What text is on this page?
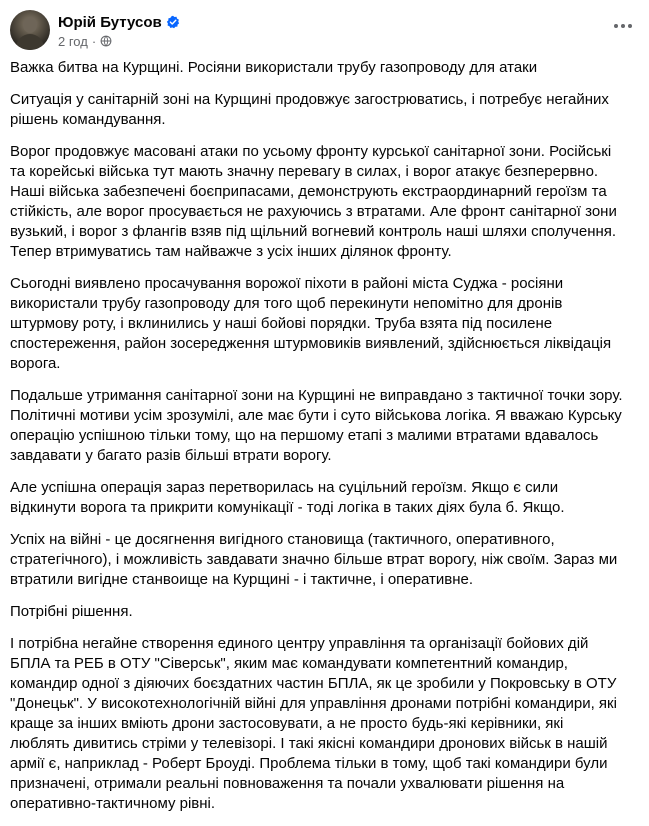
Юрій Бутусов
2 год ·

Важка битва на Курщині. Росіяни використали трубу газопроводу для атаки

Ситуація у санітарній зоні на Курщині продовжує загострюватись, і потребує негайних рішень командування.

Ворог продовжує масовані атаки по усьому фронту курської санітарної зони. Російські та корейські війська тут мають значну перевагу в силах, і ворог атакує безперервно. Наші війська забезпечені боєприпасами, демонструють екстраординарний героїзм та стійкість, але ворог просувається не рахуючись з втратами. Але фронт санітарної зони вузький, і ворог з флангів взяв під щільний вогневий контроль наші шляхи сполучення. Тепер втримуватись там найважче з усіх інших ділянок фронту.

Сьогодні виявлено просачування ворожої піхоти в районі міста Суджа - росіяни використали трубу газопроводу для того щоб перекинути непомітно для дронів штурмову роту, і вклинились у наші бойові порядки. Труба взята під посилене спостереження, район зосередження штурмовиків виявлений, здійснюється ліквідація ворога.

Подальше утримання санітарної зони на Курщині не виправдано з тактичної точки зору. Політичні мотиви усім зрозумілі, але має бути і суто військова логіка. Я вважаю Курську операцію успішною тільки тому, що на першому етапі з малими втратами вдавалось завдавати у багато разів більші втрати ворогу.

Але успішна операція зараз перетворилась на суцільний героїзм. Якщо є сили відкинути ворога та прикрити комунікації - тоді логіка в таких діях була б. Якщо.

Успіх на війні - це досягнення вигідного становища (тактичного, оперативного, стратегічного), і можливість завдавати значно більше втрат ворогу, ніж своїм. Зараз ми втратили вигідне станвоище на Курщині - і тактичне, і оперативне.

Потрібні рішення.

І потрібна негайне створення единого центру управління та організації бойових дій БПЛА та РЕБ в ОТУ "Сіверськ", яким має командувати компетентний командир, командир одної з діяючих боєздатних частин БПЛА, як це зробили у Покровську в ОТУ "Донецьк". У високотехнологічній війні для управління дронами потрібні командири, які краще за інших вміють дрони застосовувати, а не просто будь-які керівники, які люблять дивитись стріми у телевізорі. І такі якісні командири дронових військ в нашій армії є, наприклад - Роберт Броуді. Проблема тільки в тому, щоб такі командири були призначені, отримали реальні повноваження та почали ухвалювати рішення на оперативно-тактичному рівні.
